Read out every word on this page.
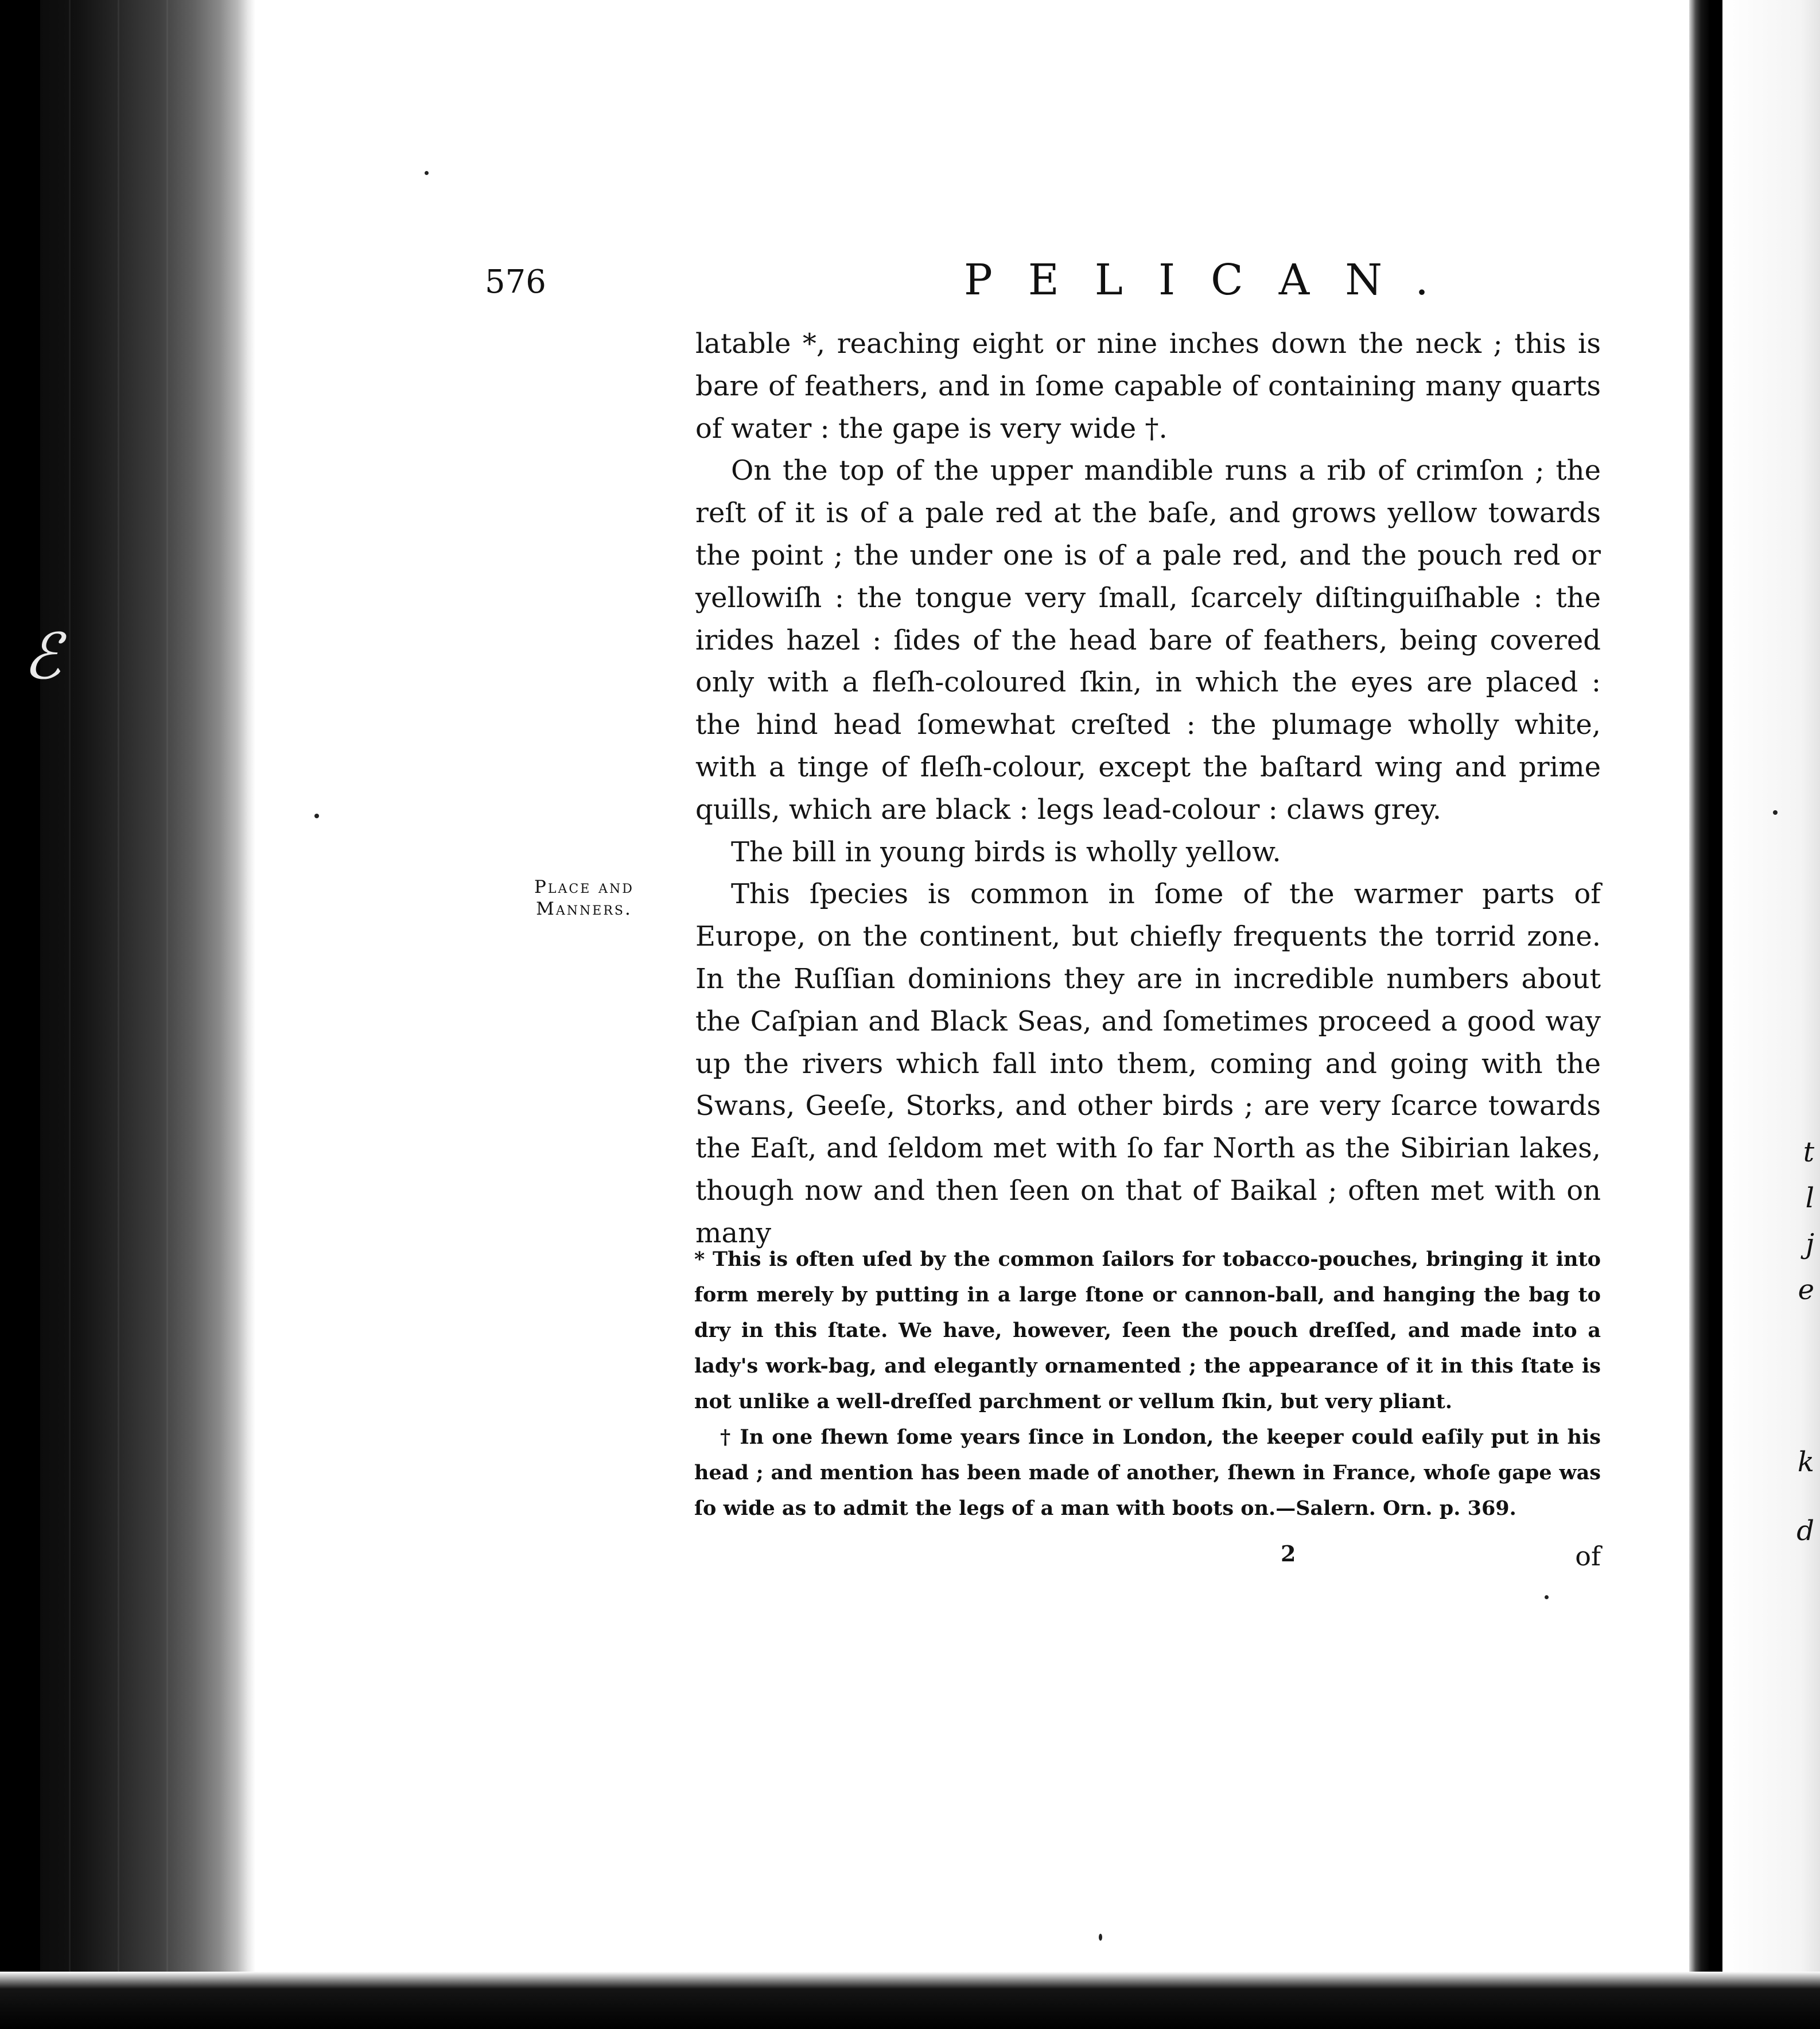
ℰ
t
l
j
e
k
d
576	PELICAN.
Place and
Manners.

latable *, reaching eight or nine inches down the neck ; this is bare of feathers, and in ſome capable of containing many quarts of water : the gape is very wide †.

On the top of the upper mandible runs a rib of crimſon ; the reſt of it is of a pale red at the baſe, and grows yellow towards the point ; the under one is of a pale red, and the pouch red or yellowiſh : the tongue very ſmall, ſcarcely diſtinguiſhable : the irides hazel : ſides of the head bare of feathers, being covered only with a fleſh-coloured ſkin, in which the eyes are placed : the hind head ſomewhat creſted : the plumage wholly white, with a tinge of fleſh-colour, except the baſtard wing and prime quills, which are black : legs lead-colour : claws grey.

The bill in young birds is wholly yellow.

This ſpecies is common in ſome of the warmer parts of Europe, on the continent, but chiefly frequents the torrid zone. In the Ruſſian dominions they are in incredible numbers about the Caſpian and Black Seas, and ſometimes proceed a good way up the rivers which fall into them, coming and going with the Swans, Geeſe, Storks, and other birds ; are very ſcarce towards the Eaſt, and ſeldom met with ſo far North as the Sibirian lakes, though now and then ſeen on that of Baikal ; often met with on many

* This is often uſed by the common ſailors for tobacco-pouches, bringing it into form merely by putting in a large ſtone or cannon-ball, and hanging the bag to dry in this ſtate. We have, however, ſeen the pouch dreſſed, and made into a lady's work-bag, and elegantly ornamented ; the appearance of it in this ſtate is not unlike a well-dreſſed parchment or vellum ſkin, but very pliant.

† In one ſhewn ſome years ſince in London, the keeper could eaſily put in his head ; and mention has been made of another, ſhewn in France, whoſe gape was ſo wide as to admit the legs of a man with boots on.—Salern. Orn. p. 369.

2	of
